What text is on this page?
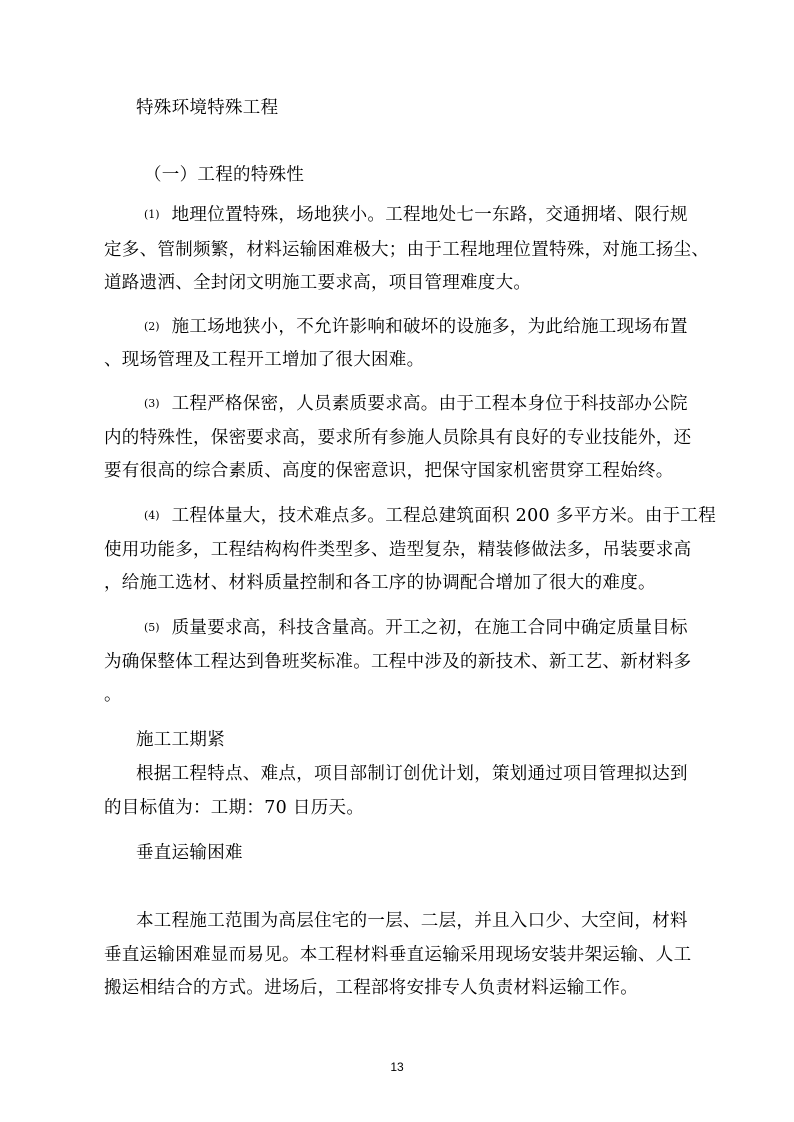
特殊环境特殊工程
（一）工程的特殊性
(1) 地理位置特殊，场地狭小。工程地处七一东路，交通拥堵、限行规
定多、管制频繁，材料运输困难极大；由于工程地理位置特殊，对施工扬尘、
道路遗洒、全封闭文明施工要求高，项目管理难度大。
(2) 施工场地狭小，不允许影响和破坏的设施多，为此给施工现场布置
、现场管理及工程开工增加了很大困难。
(3) 工程严格保密，人员素质要求高。由于工程本身位于科技部办公院
内的特殊性，保密要求高，要求所有参施人员除具有良好的专业技能外，还
要有很高的综合素质、高度的保密意识，把保守国家机密贯穿工程始终。
(4) 工程体量大，技术难点多。工程总建筑面积 200 多平方米。由于工程
使用功能多，工程结构构件类型多、造型复杂，精装修做法多，吊装要求高
，给施工选材、材料质量控制和各工序的协调配合增加了很大的难度。
(5) 质量要求高，科技含量高。开工之初，在施工合同中确定质量目标
为确保整体工程达到鲁班奖标准。工程中涉及的新技术、新工艺、新材料多
。
施工工期紧
根据工程特点、难点，项目部制订创优计划，策划通过项目管理拟达到
的目标值为：工期：70 日历天。
垂直运输困难
本工程施工范围为高层住宅的一层、二层，并且入口少、大空间，材料
垂直运输困难显而易见。本工程材料垂直运输采用现场安装井架运输、人工
搬运相结合的方式。进场后，工程部将安排专人负责材料运输工作。
13
